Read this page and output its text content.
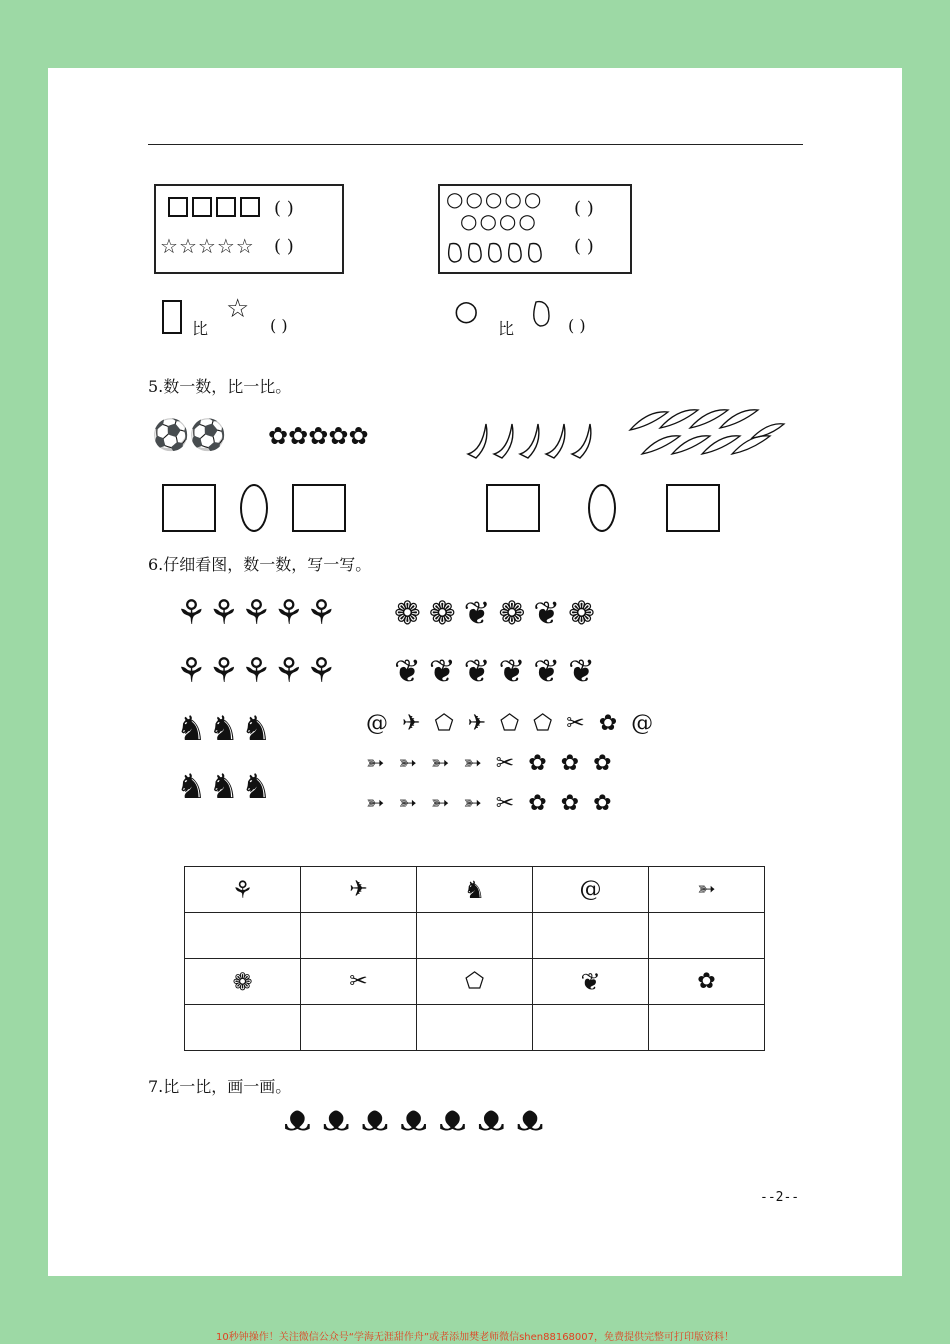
( )
☆☆☆☆☆ ( )
○○○○○
○○○○
( )
( )
比
☆
( )	○
比	( )
5.数一数，比一比。
⚽⚽ ✿✿✿✿✿
6.仔细看图，数一数，写一写。
⚘⚘⚘⚘⚘
⚘⚘⚘⚘⚘
♞♞♞
♞♞♞
❁❁❦❁❦❁
❦❦❦❦❦❦
@✈⬠✈⬠⬠✂✿@
➳➳➳➳✂✿✿✿
➳➳➳➳✂✿✿✿
⚘	✈	♞	@	➳

❁	✂	⬠	❦	✿

7.比一比，画一画。
ᴥᴥᴥᴥᴥᴥᴥ
--2--
10秒钟操作！关注微信公众号“学海无涯甜作舟”或者添加樊老师微信shen88168007，免费提供完整可打印版资料！
